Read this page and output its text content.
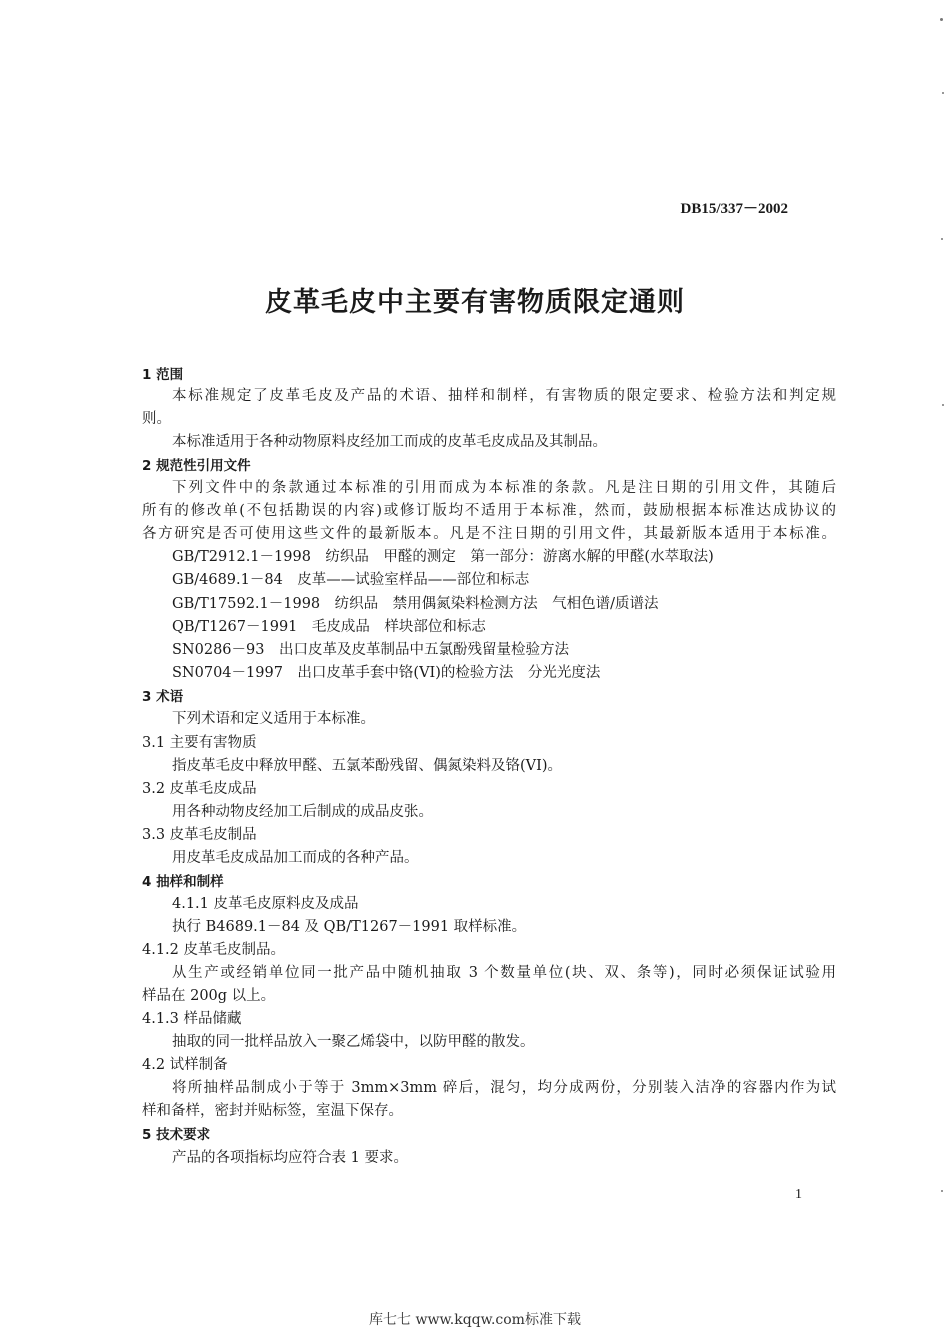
DB15/337－2002
皮革毛皮中主要有害物质限定通则
1 范围
本标准规定了皮革毛皮及产品的术语、抽样和制样，有害物质的限定要求、检验方法和判定规
则。
本标准适用于各种动物原料皮经加工而成的皮革毛皮成品及其制品。
2 规范性引用文件
下列文件中的条款通过本标准的引用而成为本标准的条款。凡是注日期的引用文件，其随后
所有的修改单(不包括勘误的内容)或修订版均不适用于本标准，然而，鼓励根据本标准达成协议的
各方研究是否可使用这些文件的最新版本。凡是不注日期的引用文件，其最新版本适用于本标准。
GB/T2912.1－1998　纺织品　甲醛的测定　第一部分：游离水解的甲醛(水萃取法)
GB/4689.1－84　皮革——试验室样品——部位和标志
GB/T17592.1－1998　纺织品　禁用偶氮染料检测方法　气相色谱/质谱法
QB/T1267－1991　毛皮成品　样块部位和标志
SN0286－93　出口皮革及皮革制品中五氯酚残留量检验方法
SN0704－1997　出口皮革手套中铬(VI)的检验方法　分光光度法
3 术语
下列术语和定义适用于本标准。
3.1 主要有害物质
指皮革毛皮中释放甲醛、五氯苯酚残留、偶氮染料及铬(VI)。
3.2 皮革毛皮成品
用各种动物皮经加工后制成的成品皮张。
3.3 皮革毛皮制品
用皮革毛皮成品加工而成的各种产品。
4 抽样和制样
4.1.1 皮革毛皮原料皮及成品
执行 B4689.1－84 及 QB/T1267－1991 取样标准。
4.1.2 皮革毛皮制品。
从生产或经销单位同一批产品中随机抽取 3 个数量单位(块、双、条等)，同时必须保证试验用
样品在 200g 以上。
4.1.3 样品储藏
抽取的同一批样品放入一聚乙烯袋中，以防甲醛的散发。
4.2 试样制备
将所抽样品制成小于等于 3mm×3mm 碎后，混匀，均分成两份，分别装入洁净的容器内作为试
样和备样，密封并贴标签，室温下保存。
5 技术要求
产品的各项指标均应符合表 1 要求。
1
库七七 www.kqqw.com标准下载
